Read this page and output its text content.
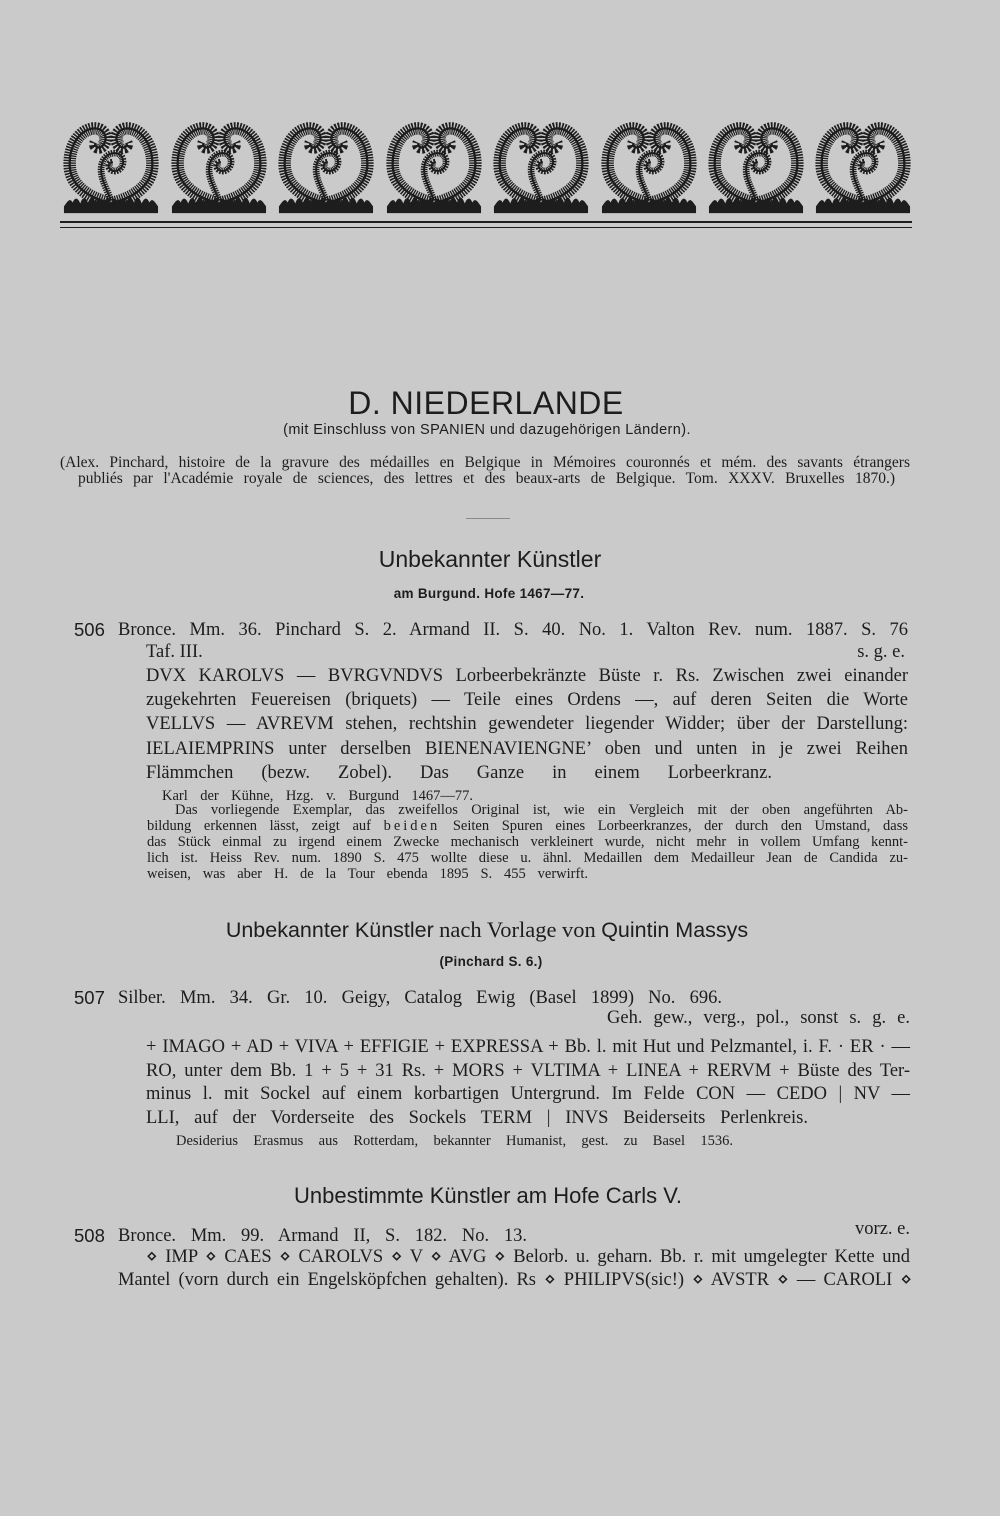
D. NIEDERLANDE
(mit Einschluss von SPANIEN und dazugehörigen Ländern).
(Alex. Pinchard, histoire de la gravure des médailles en Belgique in Mémoires couronnés et mém. des savants étrangers
publiés par l'Académie royale de sciences, des lettres et des beaux-arts de Belgique. Tom. XXXV. Bruxelles 1870.)
Unbekannter Künstler
am Burgund. Hofe 1467—77.
506 Bronce. Mm. 36. Pinchard S. 2. Armand II. S. 40. No. 1. Valton Rev. num. 1887. S. 76
Taf. III.	s. g. e.
DVX KAROLVS — BVRGVNDVS Lorbeerbekränzte Büste r. Rs. Zwischen zwei einander
zugekehrten Feuereisen (briquets) — Teile eines Ordens —, auf deren Seiten die Worte
VELLVS — AVREVM stehen, rechtshin gewendeter liegender Widder; über der Darstellung:
IELAIEMPRINS unter derselben BIENENAVIENGNE’ oben und unten in je zwei Reihen
Flämmchen (bezw. Zobel). Das Ganze in einem Lorbeerkranz.
Karl der Kühne, Hzg. v. Burgund 1467—77.
Das vorliegende Exemplar, das zweifellos Original ist, wie ein Vergleich mit der oben angeführten Ab-
bildung erkennen lässt, zeigt auf beiden Seiten Spuren eines Lorbeerkranzes, der durch den Umstand, dass
das Stück einmal zu irgend einem Zwecke mechanisch verkleinert wurde, nicht mehr in vollem Umfang kennt-
lich ist. Heiss Rev. num. 1890 S. 475 wollte diese u. ähnl. Medaillen dem Medailleur Jean de Candida zu-
weisen, was aber H. de la Tour ebenda 1895 S. 455 verwirft.
Unbekannter Künstler nach Vorlage von Quintin Massys
(Pinchard S. 6.)
507 Silber. Mm. 34. Gr. 10. Geigy, Catalog Ewig (Basel 1899) No. 696.
Geh. gew., verg., pol., sonst s. g. e.
+ IMAGO + AD + VIVA + EFFIGIE + EXPRESSA + Bb. l. mit Hut und Pelzmantel, i. F. · ER · —
RO, unter dem Bb. 1 + 5 + 31 Rs. + MORS + VLTIMA + LINEA + RERVM + Büste des Ter-
minus l. mit Sockel auf einem korbartigen Untergrund. Im Felde CON — CEDO | NV —
LLI, auf der Vorderseite des Sockels TERM | INVS Beiderseits Perlenkreis.
Desiderius Erasmus aus Rotterdam, bekannter Humanist, gest. zu Basel 1536.
Unbestimmte Künstler am Hofe Carls V.
508 Bronce. Mm. 99. Armand II, S. 182. No. 13.	vorz. e.
⋄ IMP ⋄ CAES ⋄ CAROLVS ⋄ V ⋄ AVG ⋄ Belorb. u. geharn. Bb. r. mit umgelegter Kette und
Mantel (vorn durch ein Engelsköpfchen gehalten). Rs ⋄ PHILIPVS(sic!) ⋄ AVSTR ⋄ — CAROLI ⋄
